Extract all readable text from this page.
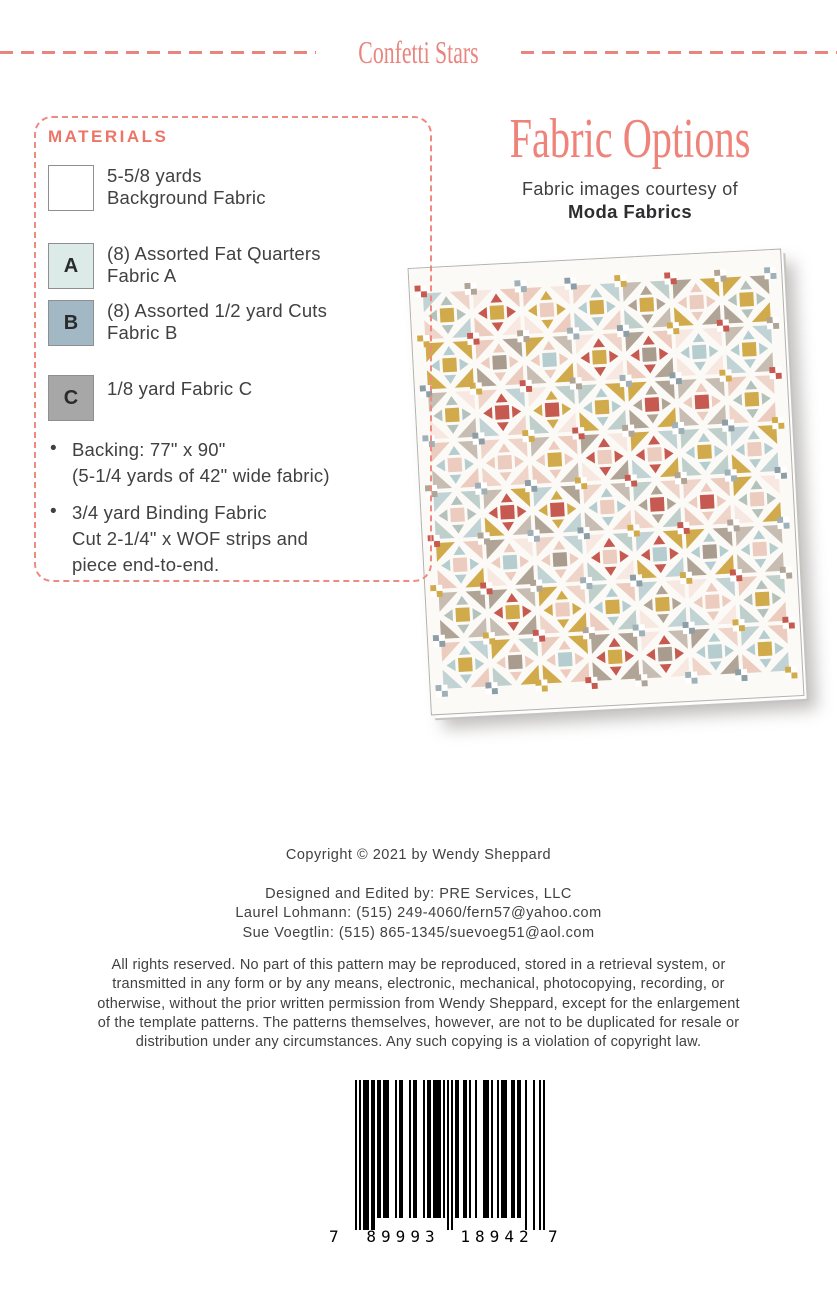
Confetti Stars
MATERIALS
5-5/8 yards
Background Fabric
A
(8) Assorted Fat Quarters
Fabric A
B
(8) Assorted 1/2 yard Cuts
Fabric B
C	1/8 yard Fabric C
• Backing: 77" x 90"
(5-1/4 yards of 42" wide fabric)
• 3/4 yard Binding Fabric
Cut 2-1/4" x WOF strips and
piece end-to-end.
Fabric Options
Fabric images courtesy of
Moda Fabrics
Copyright © 2021 by Wendy Sheppard
Designed and Edited by: PRE Services, LLC
Laurel Lohmann: (515) 249-4060/fern57@yahoo.com
Sue Voegtlin: (515) 865-1345/suevoeg51@aol.com
All rights reserved. No part of this pattern may be reproduced, stored in a retrieval system, or
transmitted in any form or by any means, electronic, mechanical, photocopying, recording, or
otherwise, without the prior written permission from Wendy Sheppard, except for the enlargement
of the template patterns. The patterns themselves, however, are not to be duplicated for resale or
distribution under any circumstances. Any such copying is a violation of copyright law.
7 89993 18942 7
